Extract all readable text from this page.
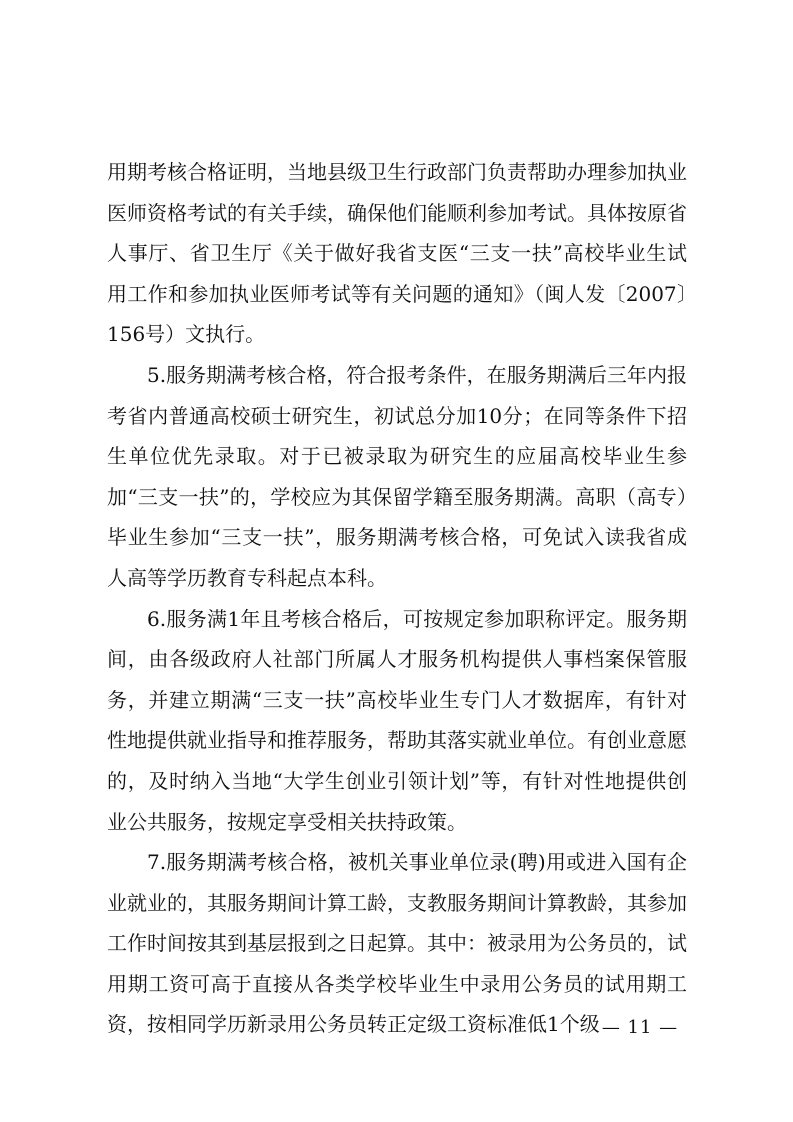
用期考核合格证明，当地县级卫生行政部门负责帮助办理参加执业医师资格考试的有关手续，确保他们能顺利参加考试。具体按原省人事厅、省卫生厅《关于做好我省支医“三支一扶”高校毕业生试用工作和参加执业医师考试等有关问题的通知》（闽人发〔2007〕156号）文执行。

5.服务期满考核合格，符合报考条件，在服务期满后三年内报考省内普通高校硕士研究生，初试总分加10分；在同等条件下招生单位优先录取。对于已被录取为研究生的应届高校毕业生参加“三支一扶”的，学校应为其保留学籍至服务期满。高职（高专）毕业生参加“三支一扶”，服务期满考核合格，可免试入读我省成人高等学历教育专科起点本科。

6.服务满1年且考核合格后，可按规定参加职称评定。服务期间，由各级政府人社部门所属人才服务机构提供人事档案保管服务，并建立期满“三支一扶”高校毕业生专门人才数据库，有针对性地提供就业指导和推荐服务，帮助其落实就业单位。有创业意愿的，及时纳入当地“大学生创业引领计划”等，有针对性地提供创业公共服务，按规定享受相关扶持政策。

7.服务期满考核合格，被机关事业单位录(聘)用或进入国有企业就业的，其服务期间计算工龄，支教服务期间计算教龄，其参加工作时间按其到基层报到之日起算。其中：被录用为公务员的，试用期工资可高于直接从各类学校毕业生中录用公务员的试用期工资，按相同学历新录用公务员转正定级工资标准低1个级 — 11 —
